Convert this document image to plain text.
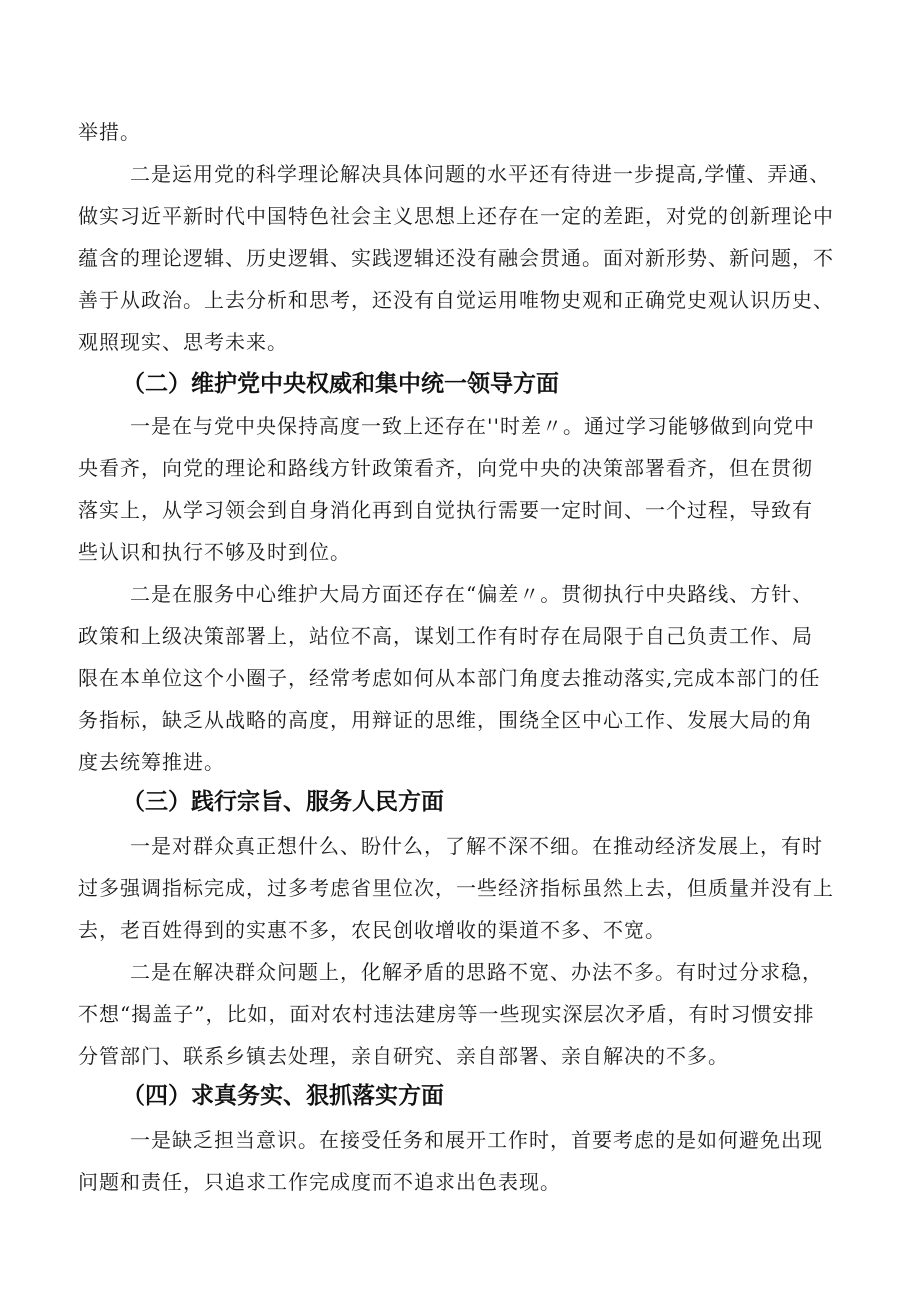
举措。
二是运用党的科学理论解决具体问题的水平还有待进一步提高,学懂、弄通、
做实习近平新时代中国特色社会主义思想上还存在一定的差距，对党的创新理论中
蕴含的理论逻辑、历史逻辑、实践逻辑还没有融会贯通。面对新形势、新问题，不
善于从政治。上去分析和思考，还没有自觉运用唯物史观和正确党史观认识历史、
观照现实、思考未来。
（二）维护党中央权威和集中统一领导方面
一是在与党中央保持高度一致上还存在''时差〃。通过学习能够做到向党中
央看齐，向党的理论和路线方针政策看齐，向党中央的决策部署看齐，但在贯彻
落实上，从学习领会到自身消化再到自觉执行需要一定时间、一个过程，导致有
些认识和执行不够及时到位。
二是在服务中心维护大局方面还存在“偏差〃。贯彻执行中央路线、方针、
政策和上级决策部署上，站位不高，谋划工作有时存在局限于自己负责工作、局
限在本单位这个小圈子，经常考虑如何从本部门角度去推动落实,完成本部门的任
务指标，缺乏从战略的高度，用辩证的思维，围绕全区中心工作、发展大局的角
度去统筹推进。
（三）践行宗旨、服务人民方面
一是对群众真正想什么、盼什么，了解不深不细。在推动经济发展上，有时
过多强调指标完成，过多考虑省里位次，一些经济指标虽然上去，但质量并没有上
去，老百姓得到的实惠不多，农民创收增收的渠道不多、不宽。
二是在解决群众问题上，化解矛盾的思路不宽、办法不多。有时过分求稳，
不想“揭盖子”，比如，面对农村违法建房等一些现实深层次矛盾，有时习惯安排
分管部门、联系乡镇去处理，亲自研究、亲自部署、亲自解决的不多。
（四）求真务实、狠抓落实方面
一是缺乏担当意识。在接受任务和展开工作时，首要考虑的是如何避免出现
问题和责任，只追求工作完成度而不追求出色表现。
